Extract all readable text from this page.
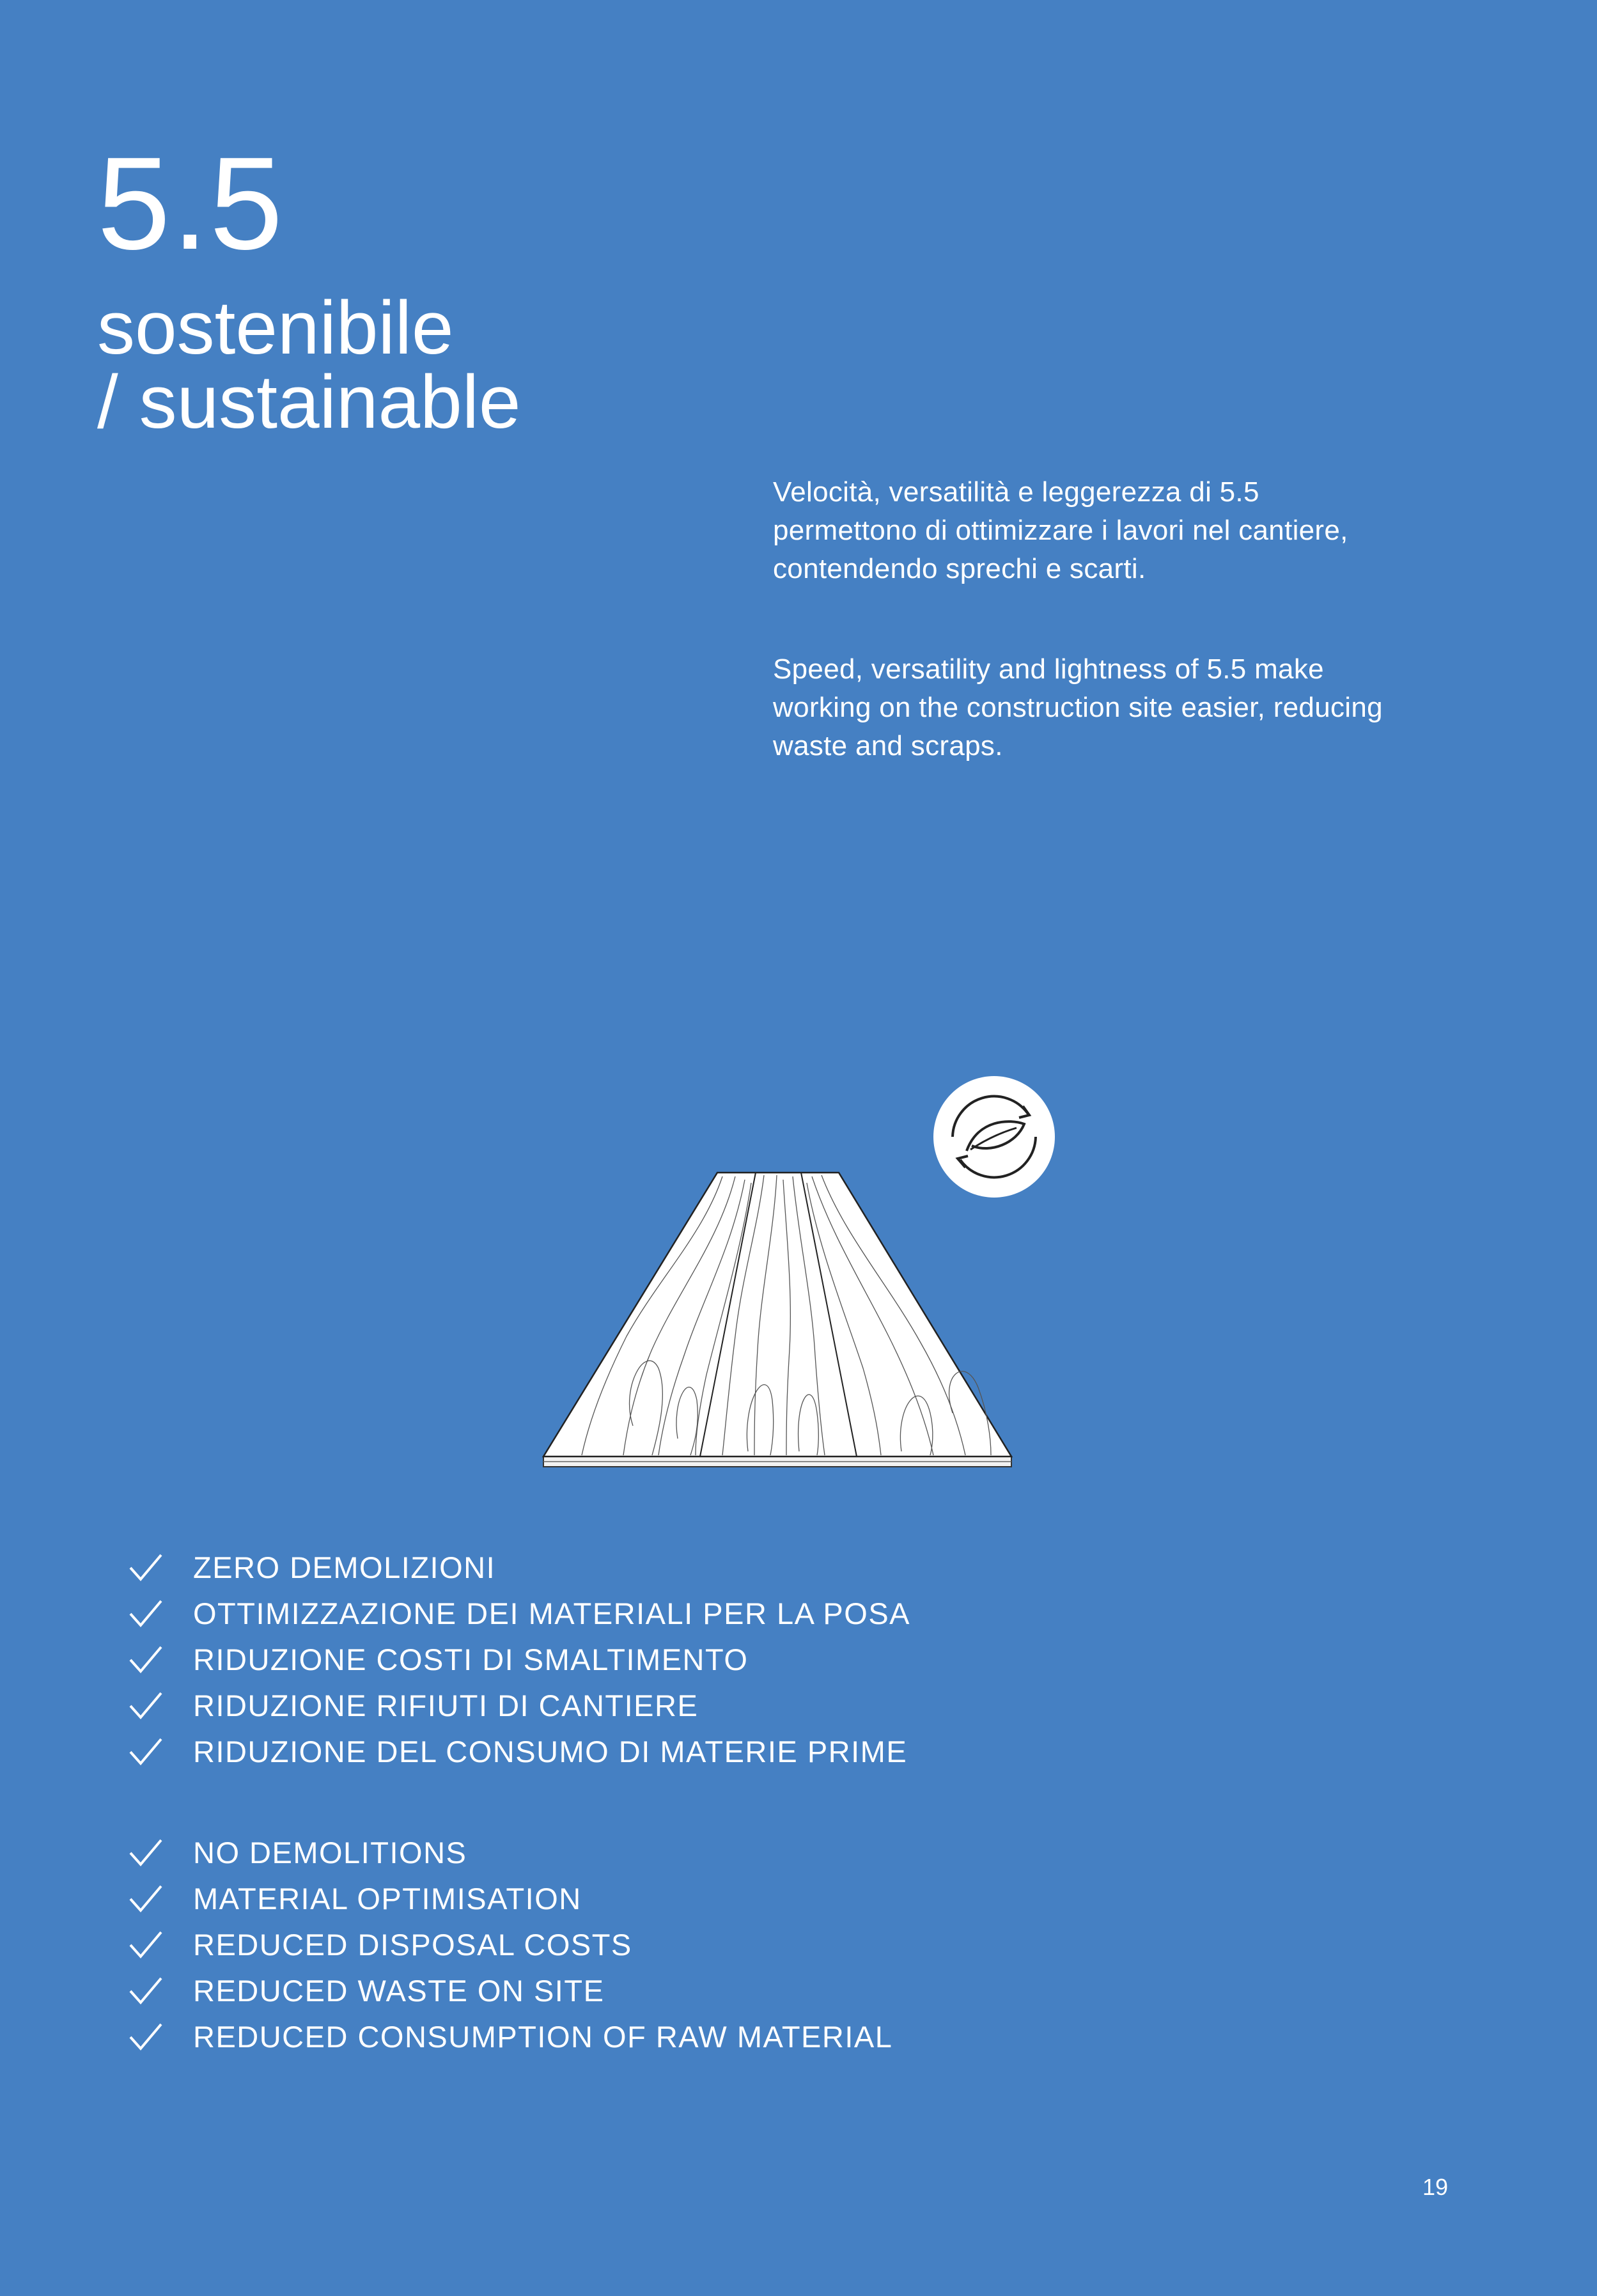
5.5
sostenibile
/ sustainable

Velocità, versatilità e leggerezza di 5.5 permettono di ottimizzare i lavori nel cantiere, contendendo sprechi e scarti.

Speed, versatility and lightness of 5.5 make working on the construction site easier, reducing waste and scraps.

ZERO DEMOLIZIONI
OTTIMIZZAZIONE DEI MATERIALI PER LA POSA
RIDUZIONE COSTI DI SMALTIMENTO
RIDUZIONE RIFIUTI DI CANTIERE
RIDUZIONE DEL CONSUMO DI MATERIE PRIME
NO DEMOLITIONS
MATERIAL OPTIMISATION
REDUCED DISPOSAL COSTS
REDUCED WASTE ON SITE
REDUCED CONSUMPTION OF RAW MATERIAL

19
